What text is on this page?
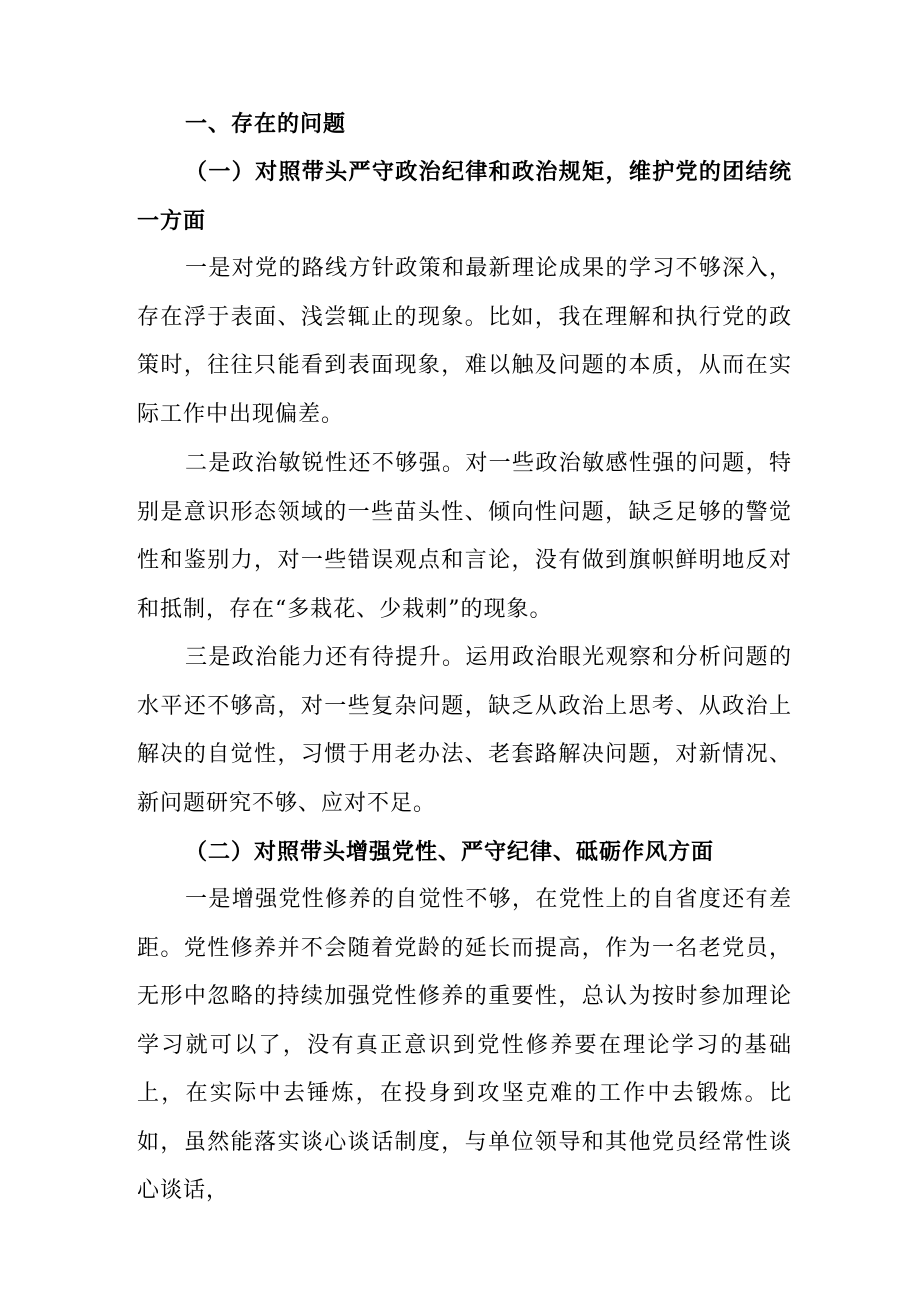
一、存在的问题

（一）对照带头严守政治纪律和政治规矩，维护党的团结统一方面

一是对党的路线方针政策和最新理论成果的学习不够深入，存在浮于表面、浅尝辄止的现象。比如，我在理解和执行党的政策时，往往只能看到表面现象，难以触及问题的本质，从而在实际工作中出现偏差。

二是政治敏锐性还不够强。对一些政治敏感性强的问题，特别是意识形态领域的一些苗头性、倾向性问题，缺乏足够的警觉性和鉴别力，对一些错误观点和言论，没有做到旗帜鲜明地反对和抵制，存在“多栽花、少栽刺”的现象。

三是政治能力还有待提升。运用政治眼光观察和分析问题的水平还不够高，对一些复杂问题，缺乏从政治上思考、从政治上解决的自觉性，习惯于用老办法、老套路解决问题，对新情况、新问题研究不够、应对不足。

（二）对照带头增强党性、严守纪律、砥砺作风方面

一是增强党性修养的自觉性不够，在党性上的自省度还有差距。党性修养并不会随着党龄的延长而提高，作为一名老党员，无形中忽略的持续加强党性修养的重要性，总认为按时参加理论学习就可以了，没有真正意识到党性修养要在理论学习的基础上，在实际中去锤炼，在投身到攻坚克难的工作中去锻炼。比如，虽然能落实谈心谈话制度，与单位领导和其他党员经常性谈心谈话，
